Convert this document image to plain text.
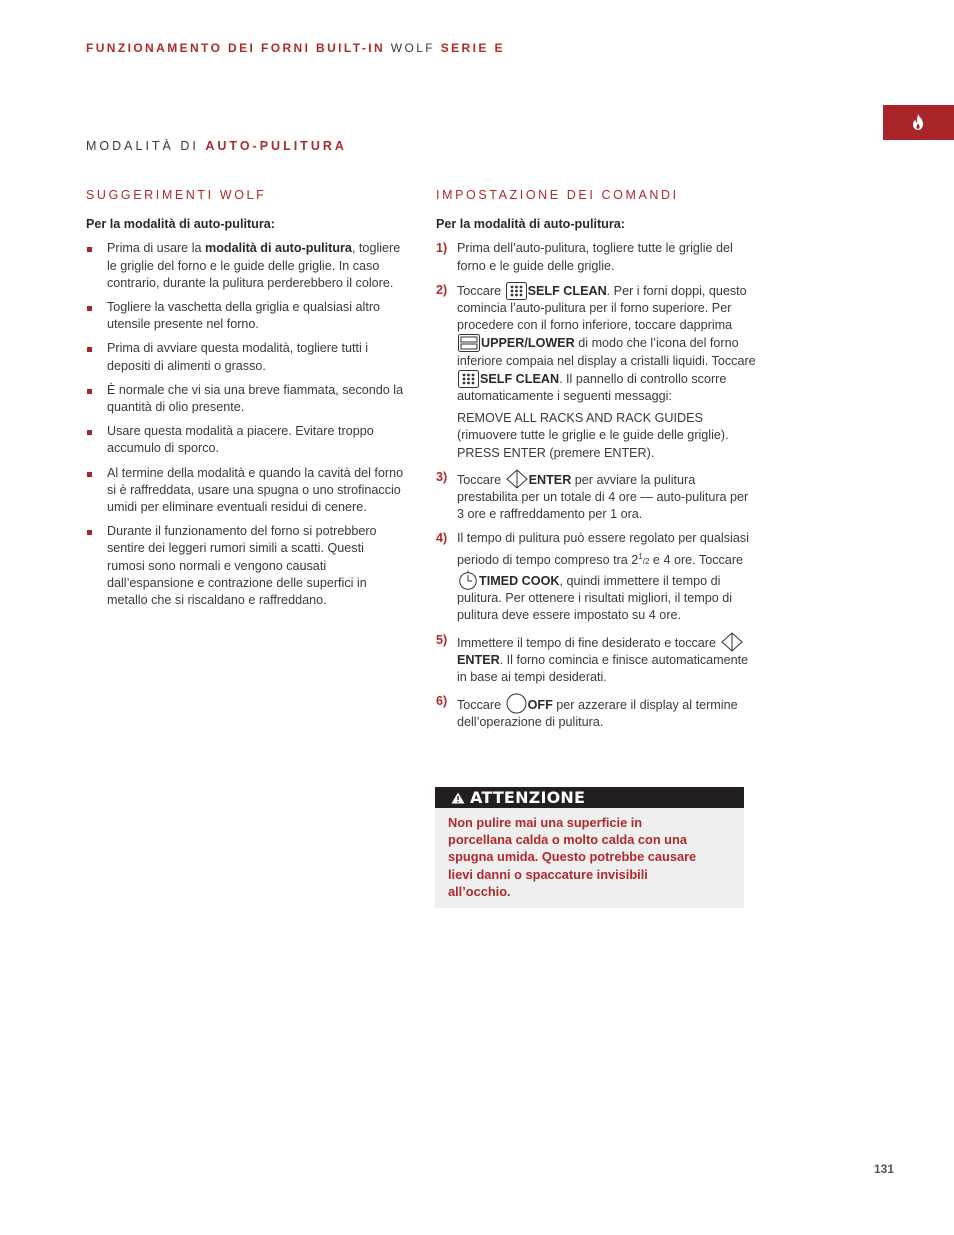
FUNZIONAMENTO DEI FORNI BUILT-IN WOLF SERIE E
MODALITÀ DI AUTO-PULITURA
SUGGERIMENTI WOLF
Per la modalità di auto-pulitura:
Prima di usare la modalità di auto-pulitura, togliere le griglie del forno e le guide delle griglie. In caso contrario, durante la pulitura perderebbero il colore.
Togliere la vaschetta della griglia e qualsiasi altro utensile presente nel forno.
Prima di avviare questa modalità, togliere tutti i depositi di alimenti o grasso.
È normale che vi sia una breve fiammata, secondo la quantità di olio presente.
Usare questa modalità a piacere. Evitare troppo accumulo di sporco.
Al termine della modalità e quando la cavità del forno si è raffreddata, usare una spugna o uno strofinaccio umidi per eliminare eventuali residui di cenere.
Durante il funzionamento del forno si potrebbero sentire dei leggeri rumori simili a scatti. Questi rumosi sono normali e vengono causati dall’espansione e contrazione delle superfici in metallo che si riscaldano e raffreddano.
IMPOSTAZIONE DEI COMANDI
Per la modalità di auto-pulitura:
1) Prima dell’auto-pulitura, togliere tutte le griglie del forno e le guide delle griglie.
2) Toccare SELF CLEAN. Per i forni doppi, questo comincia l’auto-pulitura per il forno superiore. Per procedere con il forno inferiore, toccare dapprima UPPER/LOWER di modo che l’icona del forno inferiore compaia nel display a cristalli liquidi. Toccare SELF CLEAN. Il pannello di controllo scorre automaticamente i seguenti messaggi:
REMOVE ALL RACKS AND RACK GUIDES (rimuovere tutte le griglie e le guide delle griglie). PRESS ENTER (premere ENTER).
3) Toccare ENTER per avviare la pulitura prestabilita per un totale di 4 ore — auto-pulitura per 3 ore e raffreddamento per 1 ora.
4) Il tempo di pulitura può essere regolato per qualsiasi periodo di tempo compreso tra $2^1/2$ e 4 ore. Toccare TIMED COOK, quindi immettere il tempo di pulitura. Per ottenere i risultati migliori, il tempo di pulitura deve essere impostato su 4 ore.
5) Immettere il tempo di fine desiderato e toccare ENTER. Il forno comincia e finisce automaticamente in base ai tempi desiderati.
6) Toccare OFF per azzerare il display al termine dell’operazione di pulitura.
ATTENZIONE
Non pulire mai una superficie in porcellana calda o molto calda con una spugna umida. Questo potrebbe causare lievi danni o spaccature invisibili all’occhio.
131
